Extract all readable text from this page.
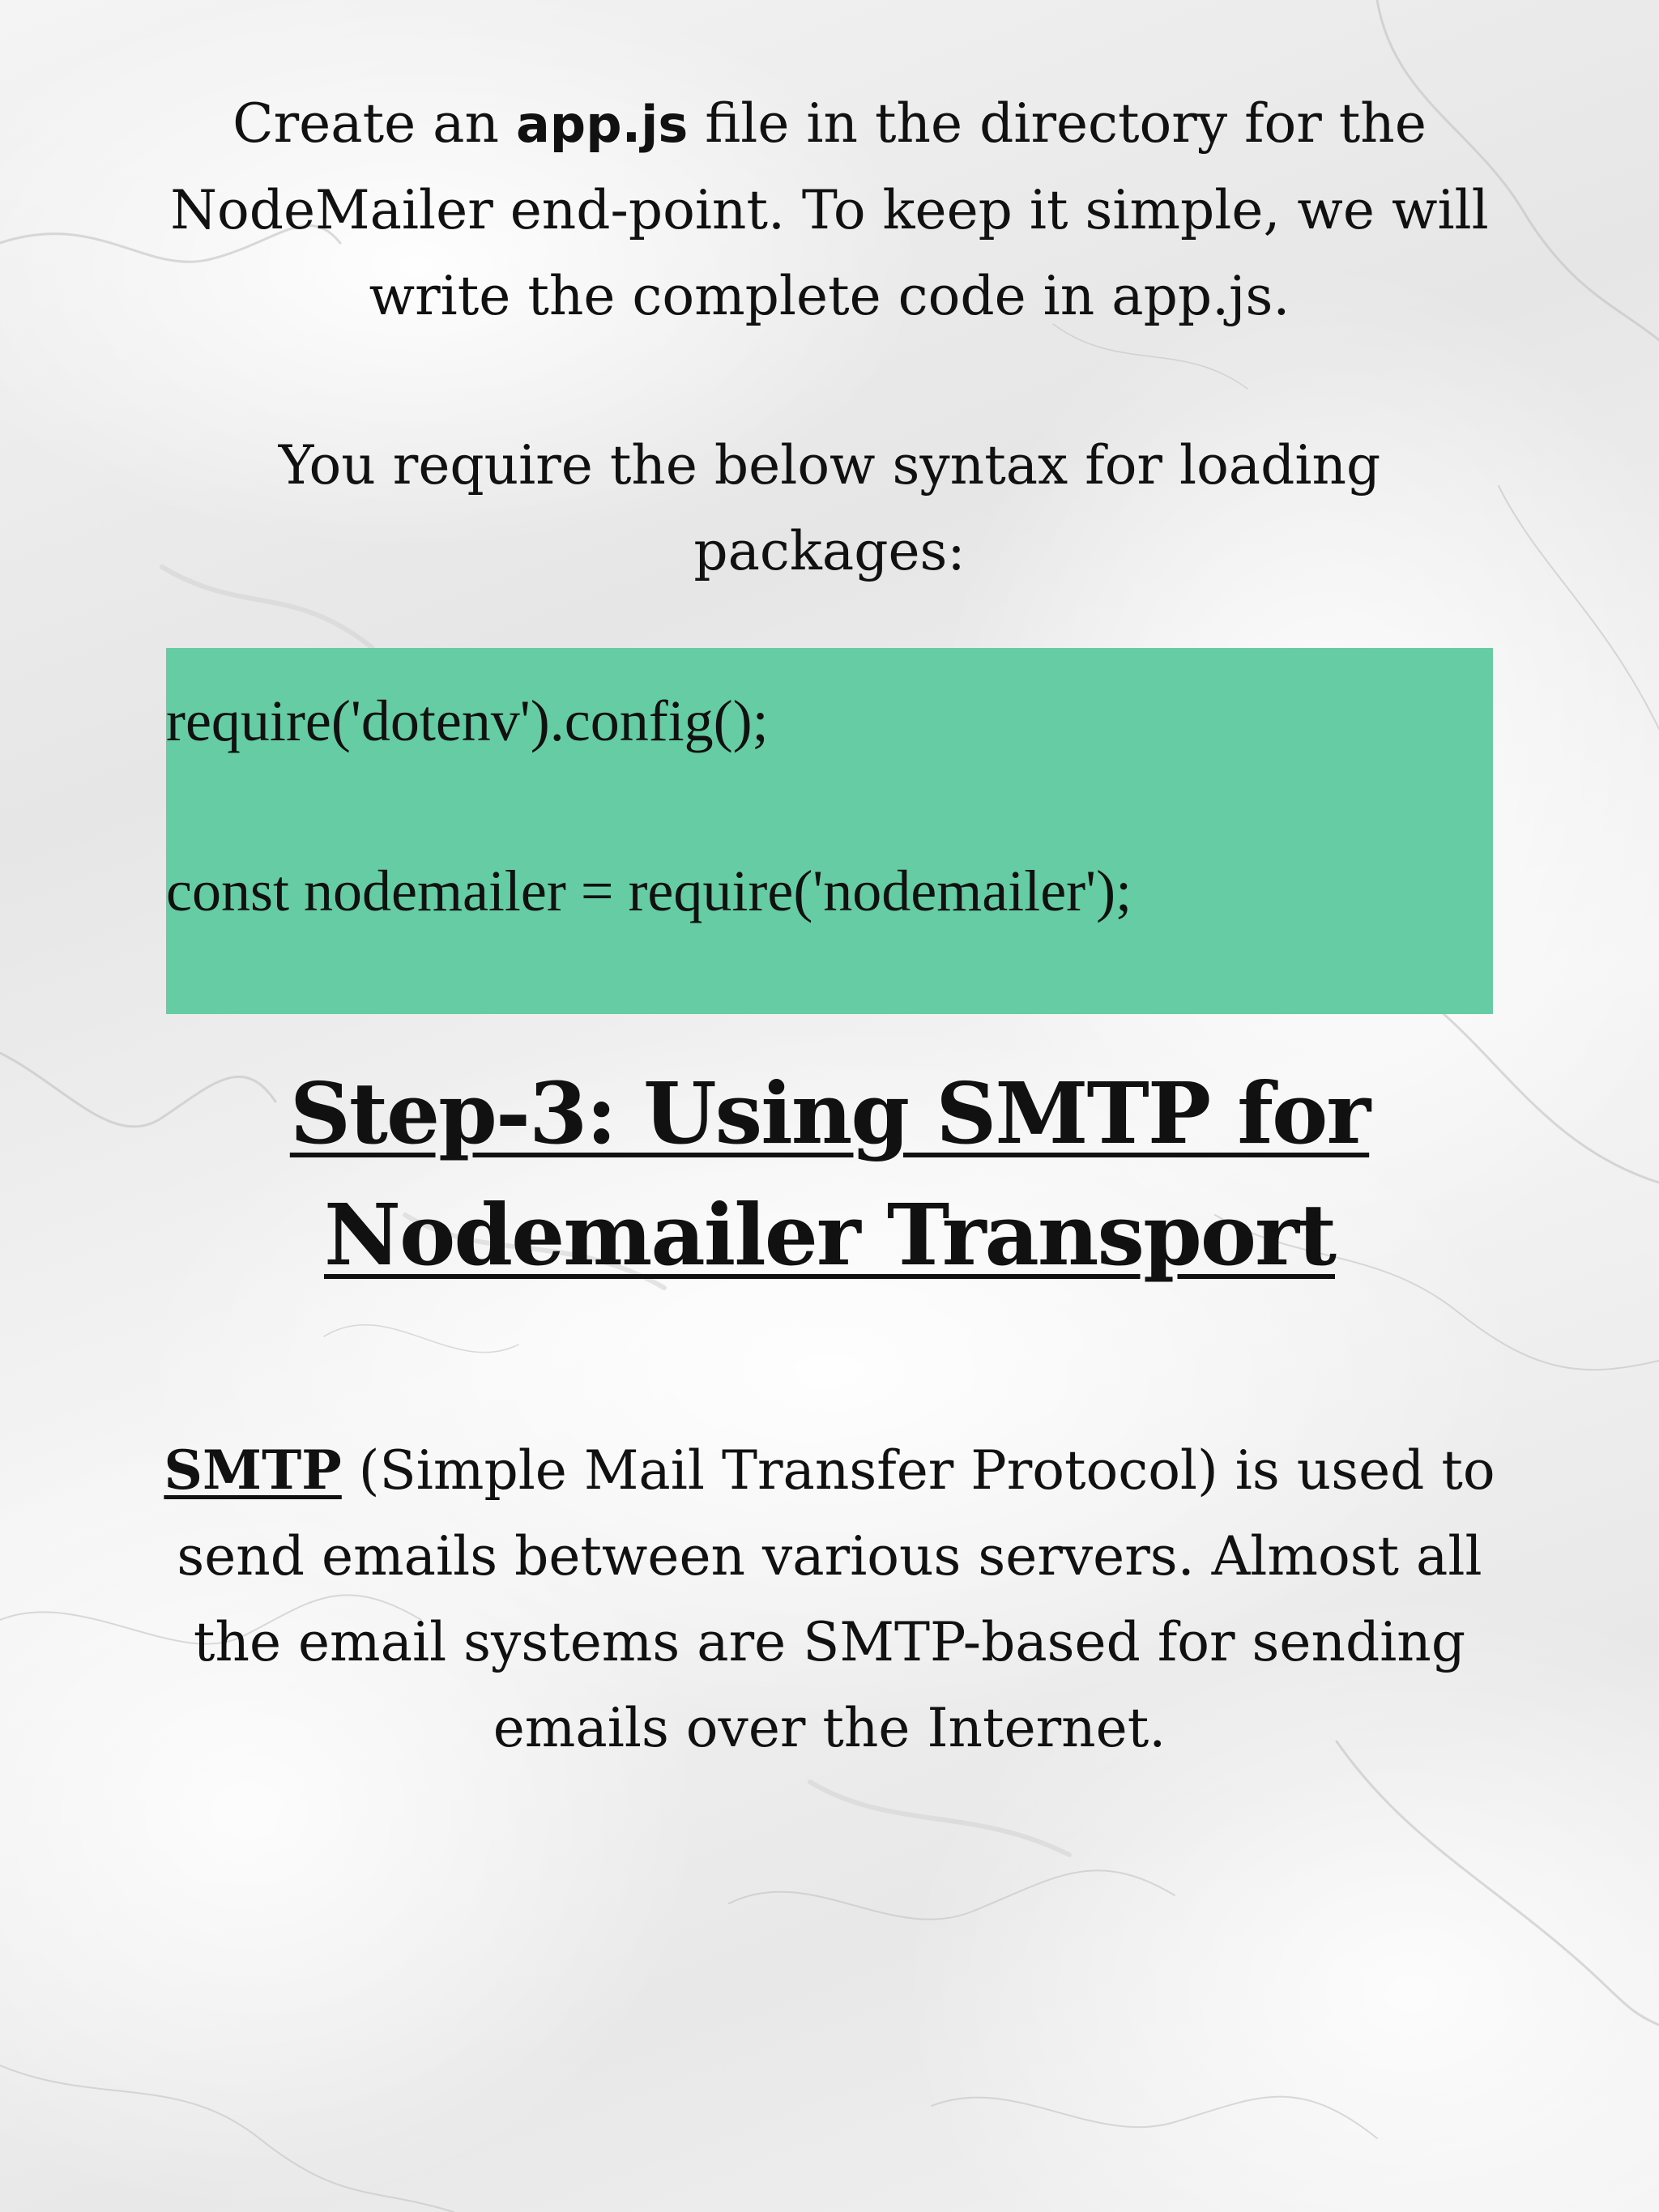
Create an app.js file in the directory for the NodeMailer end-point. To keep it simple, we will write the complete code in app.js.
You require the below syntax for loading packages:
require('dotenv').config();
const nodemailer = require('nodemailer');
Step-3: Using SMTP for
Nodemailer Transport
SMTP (Simple Mail Transfer Protocol) is used to send emails between various servers. Almost all the email systems are SMTP-based for sending emails over the Internet.
